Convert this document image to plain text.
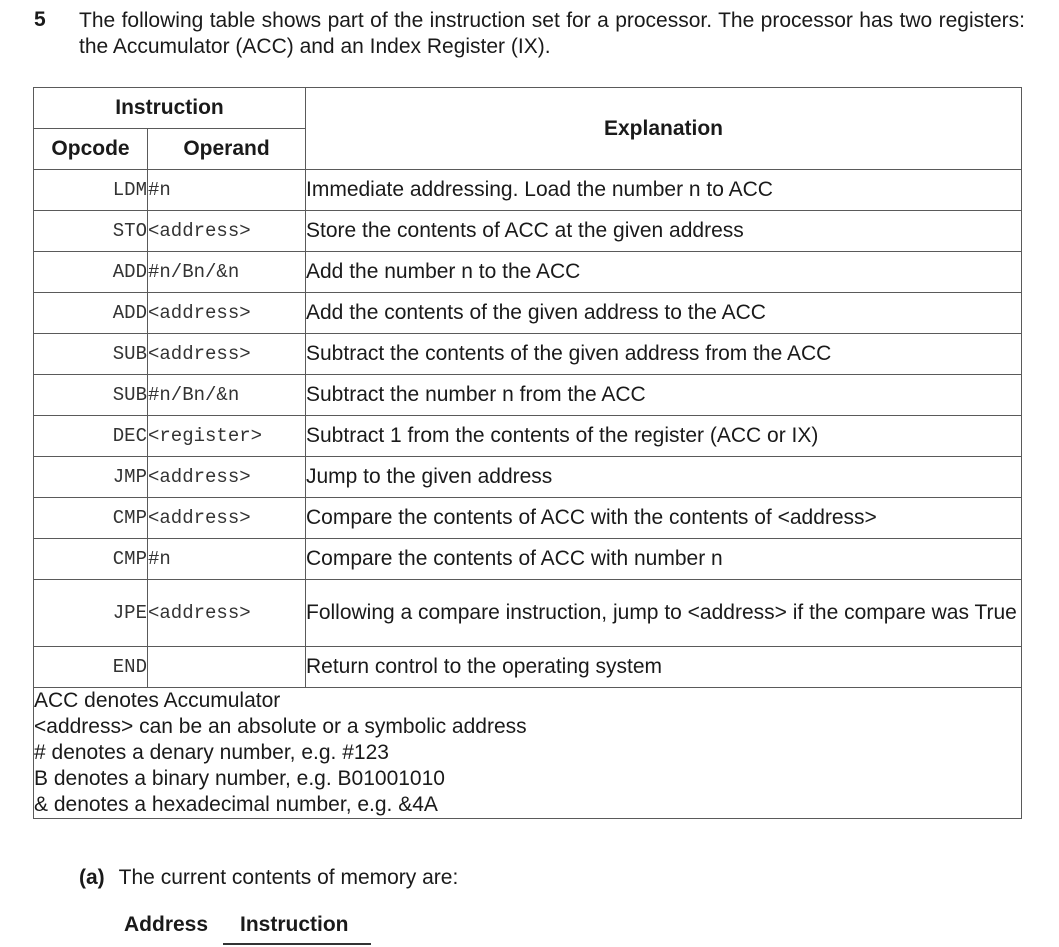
5 The following table shows part of the instruction set for a processor. The processor has two registers: the Accumulator (ACC) and an Index Register (IX).
Instruction		Explanation
Opcode	Operand	
LDM	#n	Immediate addressing. Load the number n to ACC
STO	<address>	Store the contents of ACC at the given address
ADD	#n/Bn/&n	Add the number n to the ACC
ADD	<address>	Add the contents of the given address to the ACC
SUB	<address>	Subtract the contents of the given address from the ACC
SUB	#n/Bn/&n	Subtract the number n from the ACC
DEC	<register>	Subtract 1 from the contents of the register (ACC or IX)
JMP	<address>	Jump to the given address
CMP	<address>	Compare the contents of ACC with the contents of <address>
CMP	#n	Compare the contents of ACC with number n
JPE	<address>	Following a compare instruction, jump to <address> if the compare was True
END		Return control to the operating system

ACC denotes Accumulator
<address> can be an absolute or a symbolic address
# denotes a denary number, e.g. #123
B denotes a binary number, e.g. B01001010
& denotes a hexadecimal number, e.g. &4A		
(a) The current contents of memory are:
Address Instruction
